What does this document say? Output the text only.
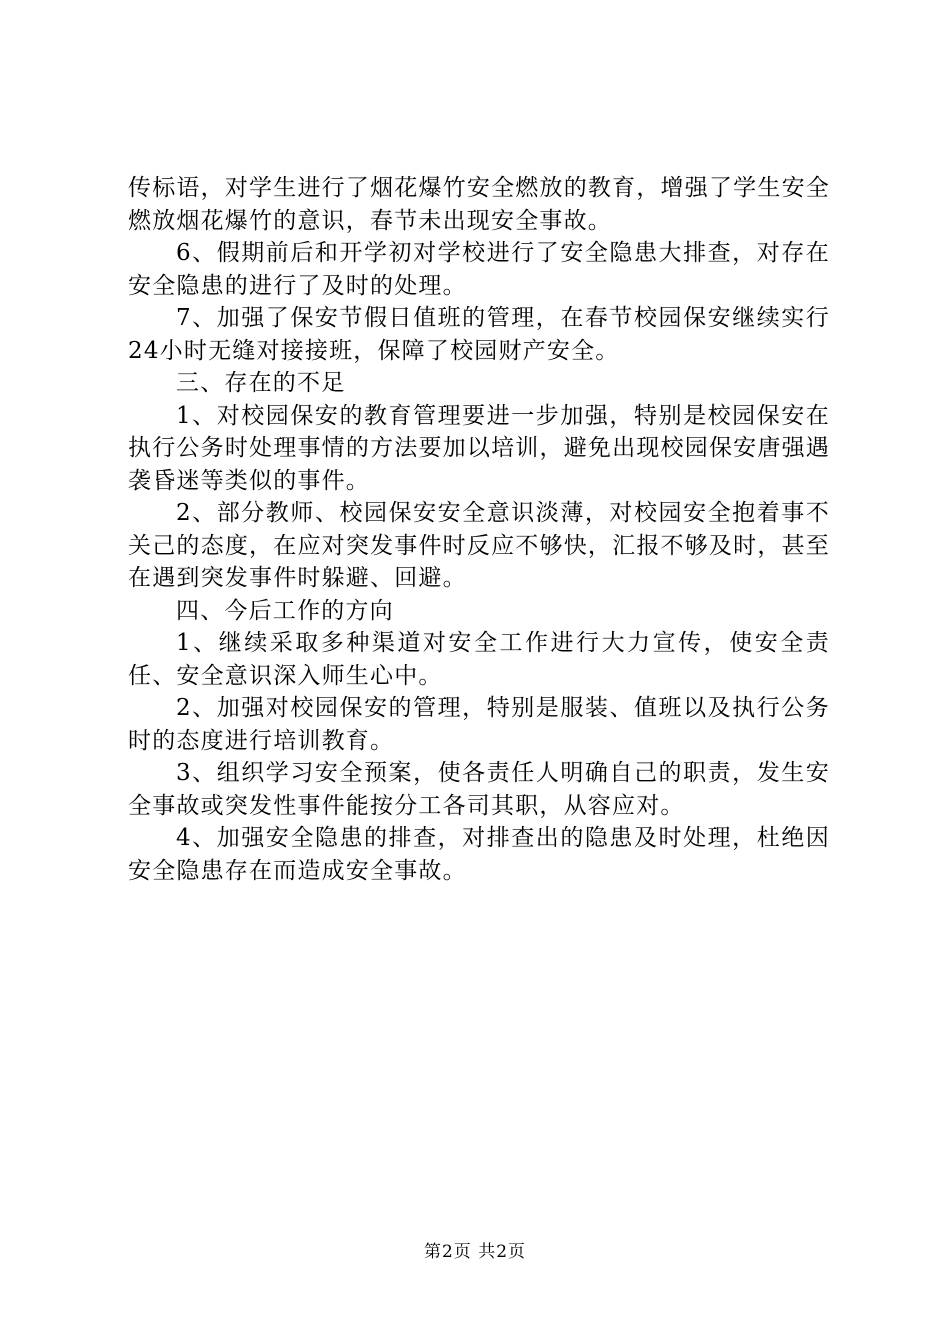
传标语，对学生进行了烟花爆竹安全燃放的教育，增强了学生安全燃放烟花爆竹的意识，春节未出现安全事故。

6、假期前后和开学初对学校进行了安全隐患大排查，对存在安全隐患的进行了及时的处理。

7、加强了保安节假日值班的管理，在春节校园保安继续实行24小时无缝对接接班，保障了校园财产安全。

三、存在的不足

1、对校园保安的教育管理要进一步加强，特别是校园保安在执行公务时处理事情的方法要加以培训，避免出现校园保安唐强遇袭昏迷等类似的事件。

2、部分教师、校园保安安全意识淡薄，对校园安全抱着事不关己的态度，在应对突发事件时反应不够快，汇报不够及时，甚至在遇到突发事件时躲避、回避。

四、今后工作的方向

1、继续采取多种渠道对安全工作进行大力宣传，使安全责任、安全意识深入师生心中。

2、加强对校园保安的管理，特别是服装、值班以及执行公务时的态度进行培训教育。

3、组织学习安全预案，使各责任人明确自己的职责，发生安全事故或突发性事件能按分工各司其职，从容应对。

4、加强安全隐患的排查，对排查出的隐患及时处理，杜绝因安全隐患存在而造成安全事故。

第2页 共2页
